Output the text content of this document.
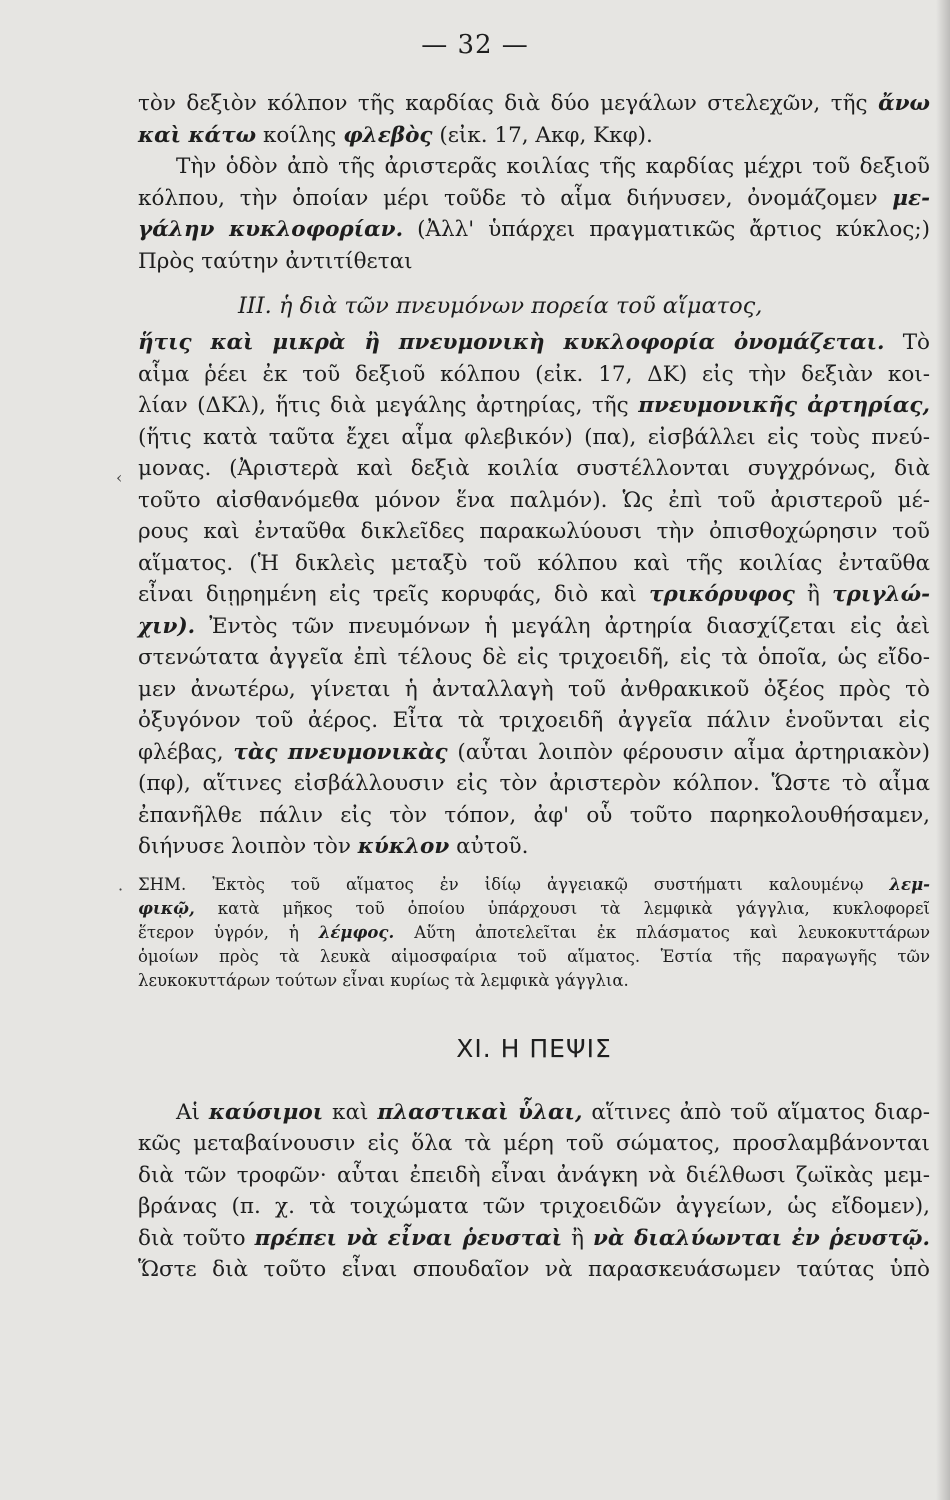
— 32 —
‹
·
τὸν δεξιὸν κόλπον τῆς καρδίας διὰ δύο μεγάλων στελεχῶν, τῆς ἄνω
καὶ κάτω κοίλης φλεβὸς (εἰκ. 17, Ακφ, Κκφ).
Τὴν ὁδὸν ἀπὸ τῆς ἀριστερᾶς κοιλίας τῆς καρδίας μέχρι τοῦ δεξιοῦ
κόλπου, τὴν ὁποίαν μέρι τοῦδε τὸ αἷμα διήνυσεν, ὀνομάζομεν με-
γάλην κυκλοφορίαν. (Ἀλλ' ὑπάρχει πραγματικῶς ἄρτιος κύκλος;)
Πρὸς ταύτην ἀντιτίθεται
III. ἡ διὰ τῶν πνευμόνων πορεία τοῦ αἵματος,
ἥτις καὶ μικρὰ ἢ πνευμονικὴ κυκλοφορία ὀνομάζεται. Τὸ
αἷμα ῥέει ἐκ τοῦ δεξιοῦ κόλπου (εἰκ. 17, ΔΚ) εἰς τὴν δεξιὰν κοι-
λίαν (ΔΚλ), ἥτις διὰ μεγάλης ἀρτηρίας, τῆς πνευμονικῆς ἀρτηρίας,
(ἥτις κατὰ ταῦτα ἔχει αἷμα φλεβικόν) (πα), εἰσβάλλει εἰς τοὺς πνεύ-
μονας. (Ἀριστερὰ καὶ δεξιὰ κοιλία συστέλλονται συγχρόνως, διὰ
τοῦτο αἰσθανόμεθα μόνον ἕνα παλμόν). Ὡς ἐπὶ τοῦ ἀριστεροῦ μέ-
ρους καὶ ἐνταῦθα δικλεῖδες παρακωλύουσι τὴν ὀπισθοχώρησιν τοῦ
αἵματος. (Ἡ δικλεὶς μεταξὺ τοῦ κόλπου καὶ τῆς κοιλίας ἐνταῦθα
εἶναι διῃρημένη εἰς τρεῖς κορυφάς, διὸ καὶ τρικόρυφος ἢ τριγλώ-
χιν). Ἐντὸς τῶν πνευμόνων ἡ μεγάλη ἀρτηρία διασχίζεται εἰς ἀεὶ
στενώτατα ἀγγεῖα ἐπὶ τέλους δὲ εἰς τριχοειδῆ, εἰς τὰ ὁποῖα, ὡς εἴδο-
μεν ἀνωτέρω, γίνεται ἡ ἀνταλλαγὴ τοῦ ἀνθρακικοῦ ὀξέος πρὸς τὸ
ὀξυγόνον τοῦ ἀέρος. Εἶτα τὰ τριχοειδῆ ἀγγεῖα πάλιν ἑνοῦνται εἰς
φλέβας, τὰς πνευμονικὰς (αὗται λοιπὸν φέρουσιν αἷμα ἀρτηριακὸν)
(πφ), αἵτινες εἰσβάλλουσιν εἰς τὸν ἀριστερὸν κόλπον. Ὥστε τὸ αἷμα
ἐπανῆλθε πάλιν εἰς τὸν τόπον, ἀφ' οὗ τοῦτο παρηκολουθήσαμεν,
διήνυσε λοιπὸν τὸν κύκλον αὐτοῦ.
ΣΗΜ. Ἐκτὸς τοῦ αἵματος ἐν ἰδίῳ ἀγγειακῷ συστήματι καλουμένῳ λεμ-
φικῷ, κατὰ μῆκος τοῦ ὁποίου ὑπάρχουσι τὰ λεμφικὰ γάγγλια, κυκλοφορεῖ
ἕτερον ὑγρόν, ἡ λέμφος. Αὕτη ἀποτελεῖται ἐκ πλάσματος καὶ λευκοκυττάρων
ὁμοίων πρὸς τὰ λευκὰ αἱμοσφαίρια τοῦ αἵματος. Ἑστία τῆς παραγωγῆς τῶν
λευκοκυττάρων τούτων εἶναι κυρίως τὰ λεμφικὰ γάγγλια.
XI. Η ΠΕΨΙΣ
Αἱ καύσιμοι καὶ πλαστικαὶ ὗλαι, αἵτινες ἀπὸ τοῦ αἵματος διαρ-
κῶς μεταβαίνουσιν εἰς ὅλα τὰ μέρη τοῦ σώματος, προσλαμβάνονται
διὰ τῶν τροφῶν· αὗται ἐπειδὴ εἶναι ἀνάγκη νὰ διέλθωσι ζωϊκὰς μεμ-
βράνας (π. χ. τὰ τοιχώματα τῶν τριχοειδῶν ἀγγείων, ὡς εἴδομεν),
διὰ τοῦτο πρέπει νὰ εἶναι ῥευσταὶ ἢ νὰ διαλύωνται ἐν ῥευστῷ.
Ὥστε διὰ τοῦτο εἶναι σπουδαῖον νὰ παρασκευάσωμεν ταύτας ὑπὸ
